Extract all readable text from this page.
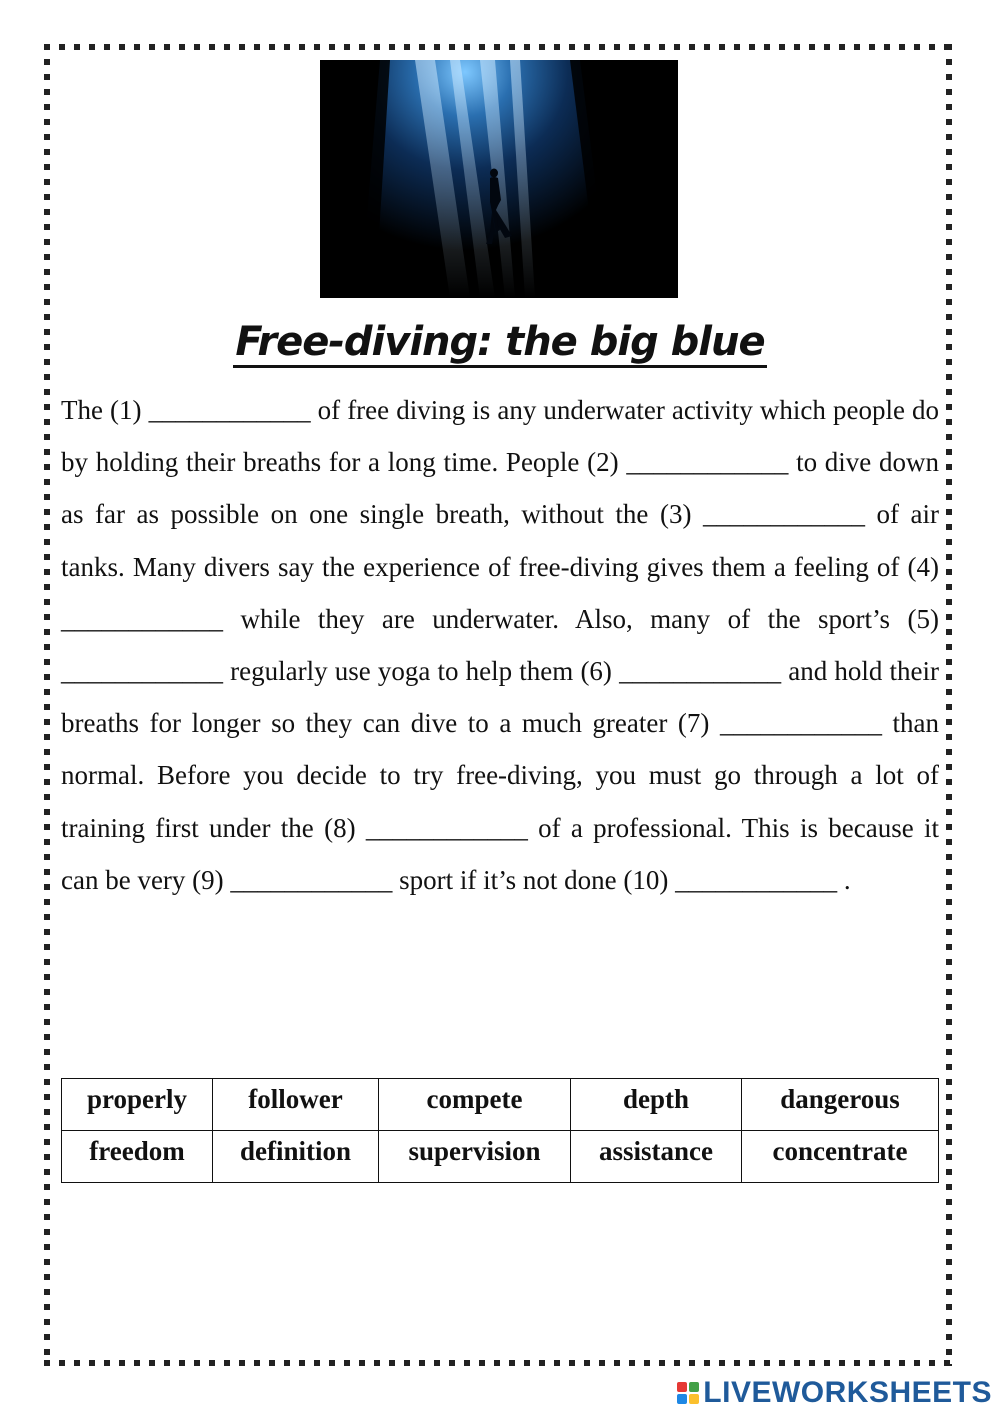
Free-diving: the big blue
The (1) ____________ of free diving is any underwater activity which people do by holding their breaths for a long time. People (2) ____________ to dive down as far as possible on one single breath, without the (3) ____________ of air tanks. Many divers say the experience of free-diving gives them a feeling of (4) ____________ while they are underwater. Also, many of the sport’s (5) ____________ regularly use yoga to help them (6) ____________ and hold their breaths for longer so they can dive to a much greater (7) ____________ than normal. Before you decide to try free-diving, you must go through a lot of training first under the (8) ____________ of a professional. This is because it can be very (9) ____________ sport if it’s not done (10) ____________ .
properly	follower	compete	depth	dangerous
freedom	definition	supervision	assistance	concentrate
LIVEWORKSHEETS
